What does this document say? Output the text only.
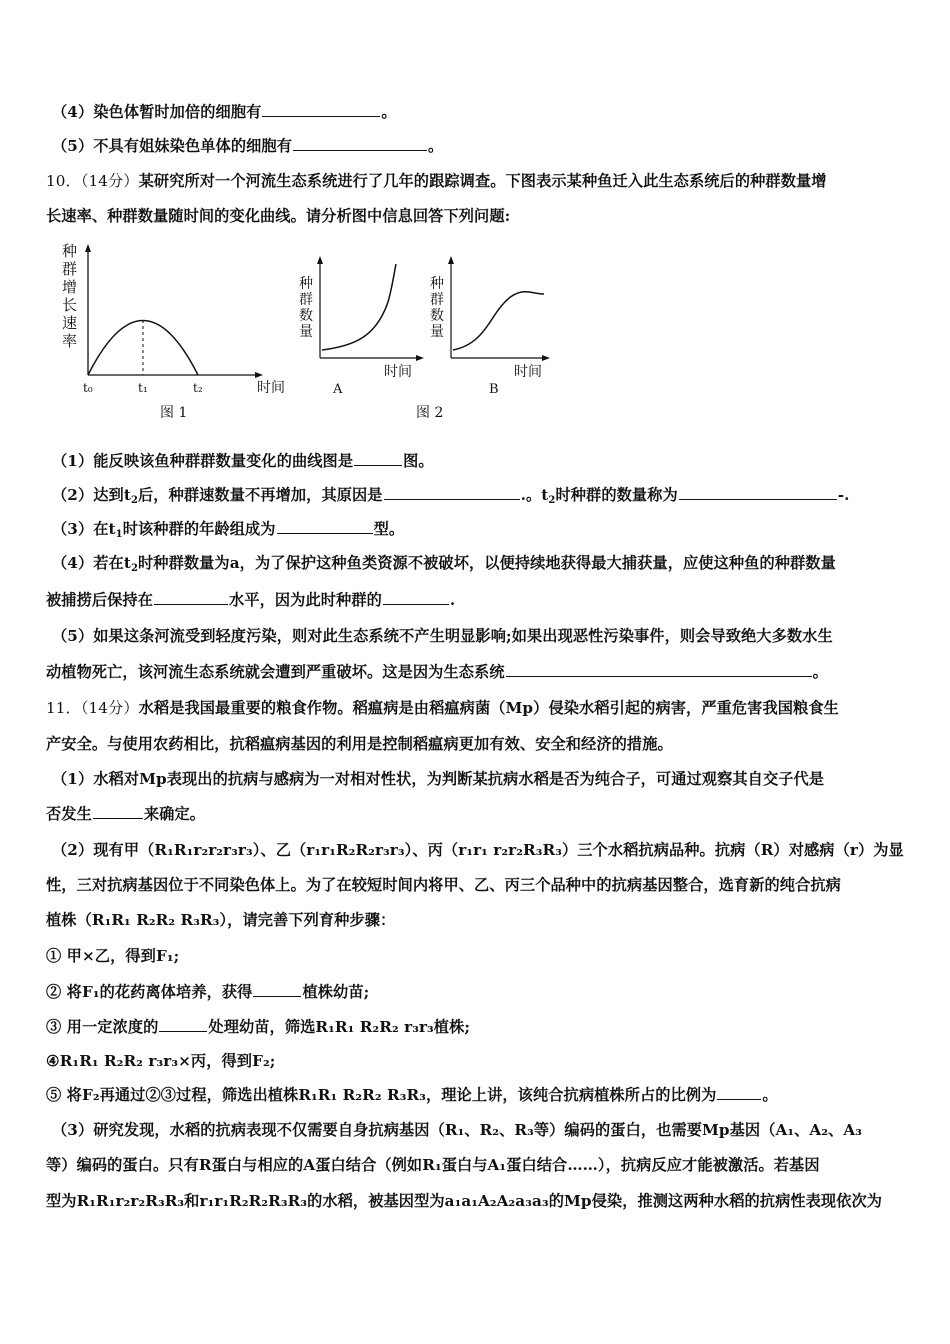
（4）染色体暂时加倍的细胞有	。
（5）不具有姐妹染色单体的细胞有	。
10．（14分）某研究所对一个河流生态系统进行了几年的跟踪调查。下图表示某种鱼迁入此生态系统后的种群数量增
长速率、种群数量随时间的变化曲线。请分析图中信息回答下列问题:
种
群
增
长
速
率
t₀	t₁	t₂	时间
图 1
种
群
数
量
时间
A
种
群
数
量
时间
B
图 2
（1）能反映该鱼种群群数量变化的曲线图是	图。
（2）达到$t_2$后，种群速数量不再增加，其原因是	.。$t_2$时种群的数量称为	-.
（3）在$t_1$时该种群的年龄组成为	型。
（4）若在$t_2$时种群数量为a，为了保护这种鱼类资源不被破坏，以便持续地获得最大捕获量，应使这种鱼的种群数量
被捕捞后保持在	水平，因为此时种群的	.
（5）如果这条河流受到轻度污染，则对此生态系统不产生明显影响;如果出现恶性污染事件，则会导致绝大多数水生
动植物死亡，该河流生态系统就会遭到严重破坏。这是因为生态系统	。
11．（14分）水稻是我国最重要的粮食作物。稻瘟病是由稻瘟病菌（Mp）侵染水稻引起的病害，严重危害我国粮食生
产安全。与使用农药相比，抗稻瘟病基因的利用是控制稻瘟病更加有效、安全和经济的措施。
（1）水稻对Mp表现出的抗病与感病为一对相对性状，为判断某抗病水稻是否为纯合子，可通过观察其自交子代是
否发生	来确定。
（2）现有甲（R₁R₁r₂r₂r₃r₃）、乙（r₁r₁R₂R₂r₃r₃）、丙（r₁r₁ r₂r₂R₃R₃）三个水稻抗病品种。抗病（R）对感病（r）为显
性，三对抗病基因位于不同染色体上。为了在较短时间内将甲、乙、丙三个品种中的抗病基因整合，选育新的纯合抗病
植株（R₁R₁ R₂R₂ R₃R₃），请完善下列育种步骤：
① 甲×乙，得到F₁;
② 将F₁的花药离体培养，获得	植株幼苗;
③ 用一定浓度的	处理幼苗，筛选R₁R₁ R₂R₂ r₃r₃植株;
④R₁R₁ R₂R₂ r₃r₃×丙，得到F₂;
⑤ 将F₂再通过②③过程，筛选出植株R₁R₁ R₂R₂ R₃R₃，理论上讲，该纯合抗病植株所占的比例为	。
（3）研究发现，水稻的抗病表现不仅需要自身抗病基因（R₁、R₂、R₃等）编码的蛋白，也需要Mp基因（A₁、A₂、A₃
等）编码的蛋白。只有R蛋白与相应的A蛋白结合（例如R₁蛋白与A₁蛋白结合……），抗病反应才能被激活。若基因
型为R₁R₁r₂r₂R₃R₃和r₁r₁R₂R₂R₃R₃的水稻，被基因型为a₁a₁A₂A₂a₃a₃的Mp侵染，推测这两种水稻的抗病性表现依次为
